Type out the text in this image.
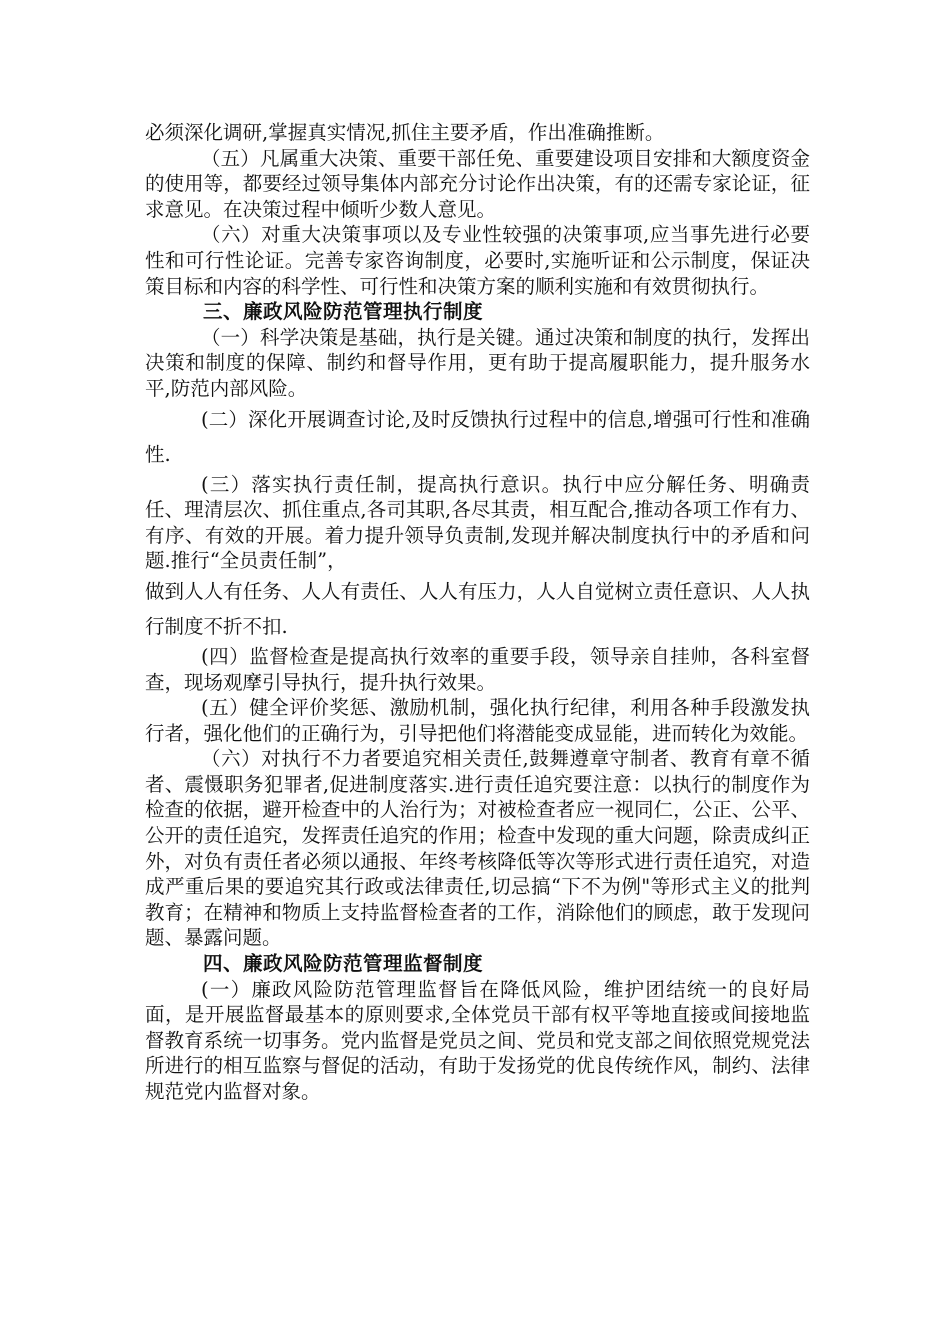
必须深化调研,掌握真实情况,抓住主要矛盾，作出准确推断。

（五）凡属重大决策、重要干部任免、重要建设项目安排和大额度资金的使用等，都要经过领导集体内部充分讨论作出决策，有的还需专家论证，征求意见。在决策过程中倾听少数人意见。

（六）对重大决策事项以及专业性较强的决策事项,应当事先进行必要性和可行性论证。完善专家咨询制度，必要时,实施听证和公示制度，保证决策目标和内容的科学性、可行性和决策方案的顺利实施和有效贯彻执行。

三、廉政风险防范管理执行制度

（一）科学决策是基础，执行是关键。通过决策和制度的执行，发挥出决策和制度的保障、制约和督导作用，更有助于提高履职能力，提升服务水平,防范内部风险。

(二）深化开展调查讨论,及时反馈执行过程中的信息,增强可行性和准确性.

(三）落实执行责任制，提高执行意识。执行中应分解任务、明确责任、理清层次、抓住重点,各司其职,各尽其责，相互配合,推动各项工作有力、有序、有效的开展。着力提升领导负责制,发现并解决制度执行中的矛盾和问题.推行“全员责任制”，

做到人人有任务、人人有责任、人人有压力，人人自觉树立责任意识、人人执行制度不折不扣.

(四）监督检查是提高执行效率的重要手段，领导亲自挂帅，各科室督查，现场观摩引导执行，提升执行效果。

(五）健全评价奖惩、激励机制，强化执行纪律，利用各种手段激发执行者，强化他们的正确行为，引导把他们将潜能变成显能，进而转化为效能。

（六）对执行不力者要追究相关责任,鼓舞遵章守制者、教育有章不循者、震慑职务犯罪者,促进制度落实.进行责任追究要注意：以执行的制度作为检查的依据，避开检查中的人治行为；对被检查者应一视同仁，公正、公平、公开的责任追究，发挥责任追究的作用；检查中发现的重大问题，除责成纠正外，对负有责任者必须以通报、年终考核降低等次等形式进行责任追究，对造成严重后果的要追究其行政或法律责任,切忌搞“下不为例"等形式主义的批判教育；在精神和物质上支持监督检查者的工作，消除他们的顾虑，敢于发现问题、暴露问题。

四、廉政风险防范管理监督制度

(一）廉政风险防范管理监督旨在降低风险，维护团结统一的良好局面，是开展监督最基本的原则要求,全体党员干部有权平等地直接或间接地监督教育系统一切事务。党内监督是党员之间、党员和党支部之间依照党规党法所进行的相互监察与督促的活动，有助于发扬党的优良传统作风，制约、法律规范党内监督对象。
